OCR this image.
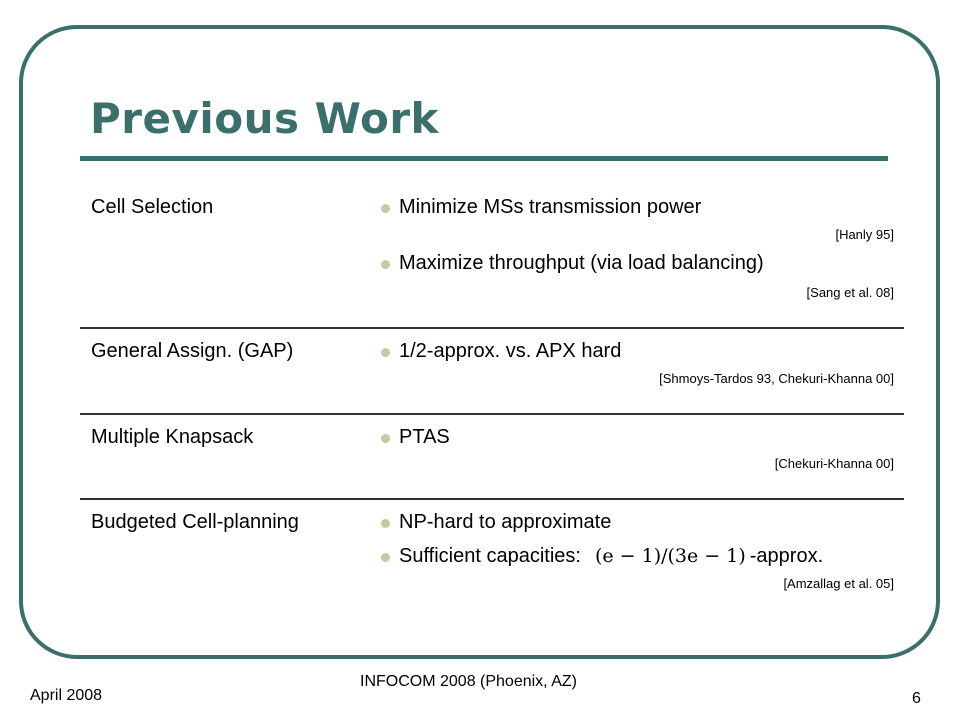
Previous Work
Cell Selection	Minimize MSs transmission power
[Hanly 95]
Maximize throughput (via load balancing)
[Sang et al. 08]
General Assign. (GAP)	1/2-approx. vs. APX hard
[Shmoys-Tardos 93, Chekuri-Khanna 00]
Multiple Knapsack	PTAS
[Chekuri-Khanna 00]
Budgeted Cell-planning	NP-hard to approximate
Sufficient capacities: (e − 1)/(3e − 1) -approx.
[Amzallag et al. 05]
April 2008
INFOCOM 2008 (Phoenix, AZ)
6
